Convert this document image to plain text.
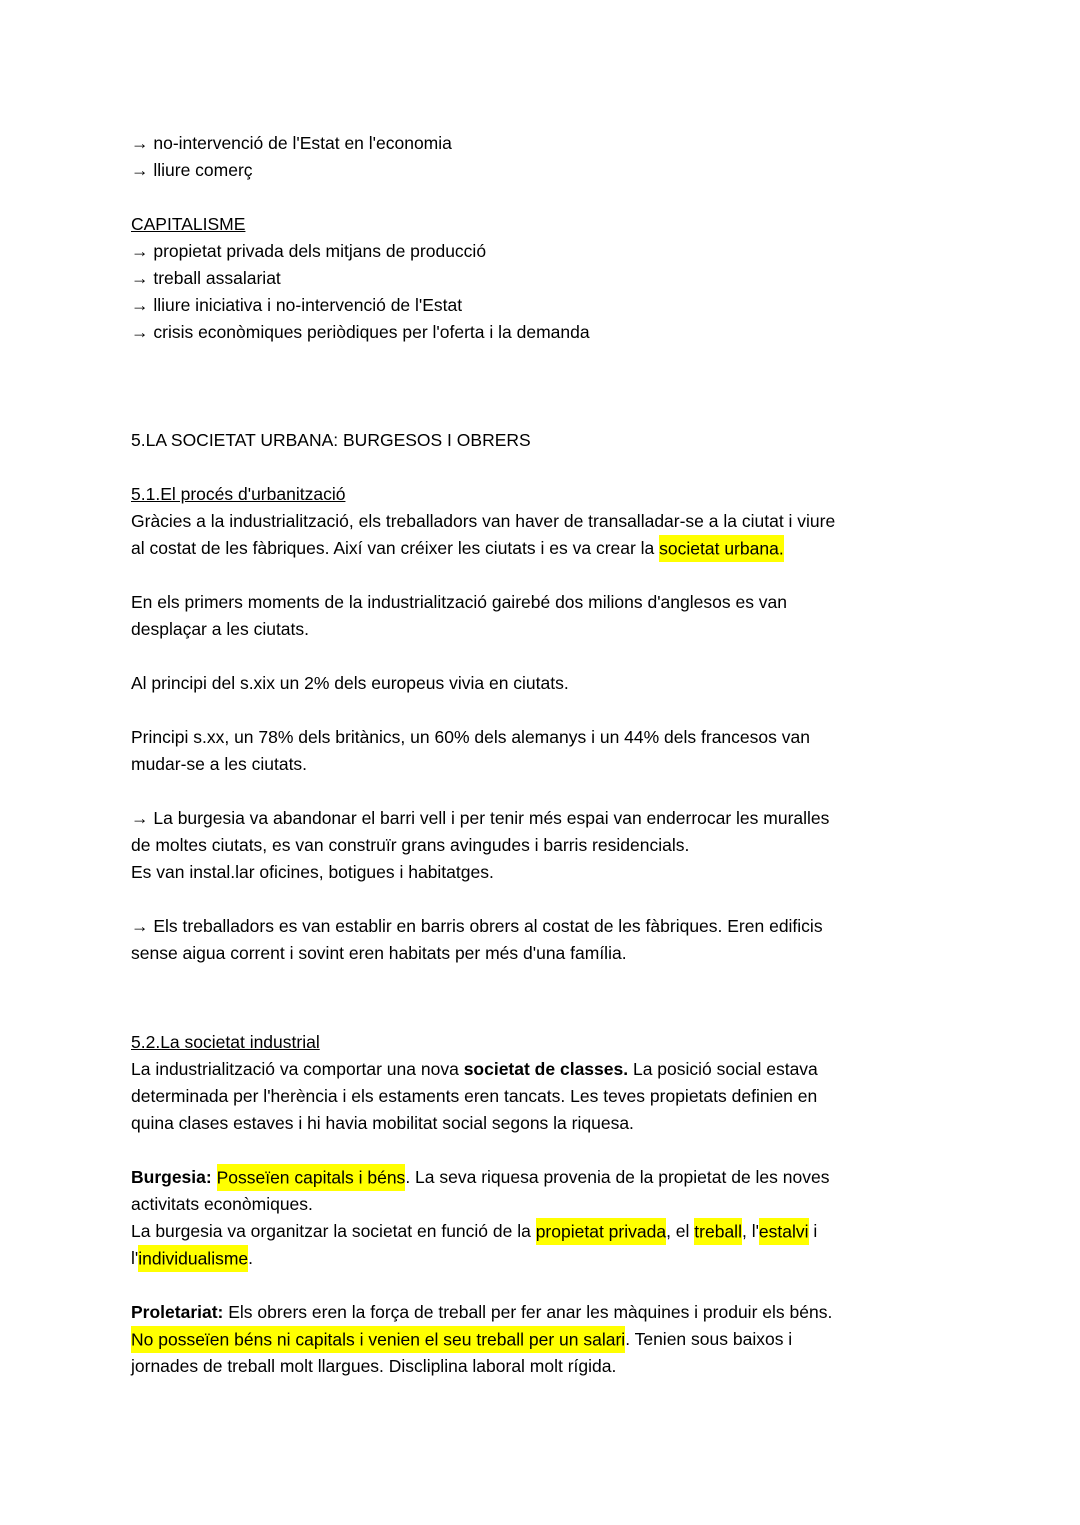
→ no-intervenció de l'Estat en l'economia
→ lliure comerç
CAPITALISME
→ propietat privada dels mitjans de producció
→ treball assalariat
→ lliure iniciativa i no-intervenció de l'Estat
→ crisis econòmiques periòdiques per l'oferta i la demanda
5.LA SOCIETAT URBANA: BURGESOS I OBRERS
5.1.El procés d'urbanització
Gràcies a la industrialització, els treballadors van haver de transalladar-se a la ciutat i viure
al costat de les fàbriques. Així van créixer les ciutats i es va crear la societat urbana.
En els primers moments de la industrialització gairebé dos milions d'anglesos es van
desplaçar a les ciutats.
Al principi del s.xix un 2% dels europeus vivia en ciutats.
Principi s.xx, un 78% dels britànics, un 60% dels alemanys i un 44% dels francesos van
mudar-se a les ciutats.
→ La burgesia va abandonar el barri vell i per tenir més espai van enderrocar les muralles
de moltes ciutats, es van construïr grans avingudes i barris residencials.
Es van instal.lar oficines, botigues i habitatges.
→ Els treballadors es van establir en barris obrers al costat de les fàbriques. Eren edificis
sense aigua corrent i sovint eren habitats per més d'una família.
5.2.La societat industrial
La industrialització va comportar una nova societat de classes. La posició social estava
determinada per l'herència i els estaments eren tancats. Les teves propietats definien en
quina clases estaves i hi havia mobilitat social segons la riquesa.
Burgesia: Posseïen capitals i béns. La seva riquesa provenia de la propietat de les noves
activitats econòmiques.
La burgesia va organitzar la societat en funció de la propietat privada, el treball, l'estalvi i
l'individualisme.
Proletariat: Els obrers eren la força de treball per fer anar les màquines i produir els béns.
No posseïen béns ni capitals i venien el seu treball per un salari. Tenien sous baixos i
jornades de treball molt llargues. Discliplina laboral molt rígida.
